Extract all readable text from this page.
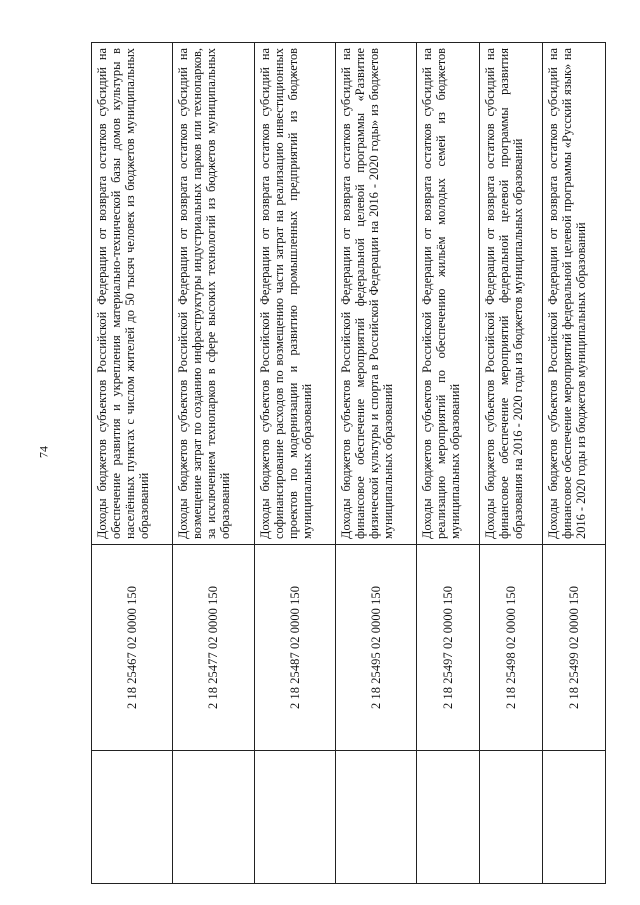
74
	2 18 25467 02 0000 150	Доходы бюджетов субъектов Российской Федерации от возврата остатков субсидий на обеспечение развития и укрепления материально-технической базы домов культуры в населённых пунктах с числом жителей до 50 тысяч человек из бюджетов муниципальных образований

	2 18 25477 02 0000 150	Доходы бюджетов субъектов Российской Федерации от возврата остатков субсидий на возмещение затрат по созданию инфраструктуры индустриальных парков или технопарков, за исключением технопарков в сфере высоких технологий из бюджетов муниципальных образований

	2 18 25487 02 0000 150	Доходы бюджетов субъектов Российской Федерации от возврата остатков субсидий на софинансирование расходов по возмещению части затрат на реализацию инвестиционных проектов по модернизации и развитию промышленных предприятий из бюджетов муниципальных образований

	2 18 25495 02 0000 150	Доходы бюджетов субъектов Российской Федерации от возврата остатков субсидий на финансовое обеспечение мероприятий федеральной целевой программы «Развитие физической культуры и спорта в Российской Федерации на 2016 - 2020 годы» из бюджетов муниципальных образований

	2 18 25497 02 0000 150	Доходы бюджетов субъектов Российской Федерации от возврата остатков субсидий на реализацию мероприятий по обеспечению жильём молодых семей из бюджетов муниципальных образований

	2 18 25498 02 0000 150	Доходы бюджетов субъектов Российской Федерации от возврата остатков субсидий на финансовое обеспечение мероприятий федеральной целевой программы развития образования на 2016 - 2020 годы из бюджетов муниципальных образований

	2 18 25499 02 0000 150	Доходы бюджетов субъектов Российской Федерации от возврата остатков субсидий на финансовое обеспечение мероприятий федеральной целевой программы «Русский язык» на 2016 - 2020 годы из бюджетов муниципальных образований
